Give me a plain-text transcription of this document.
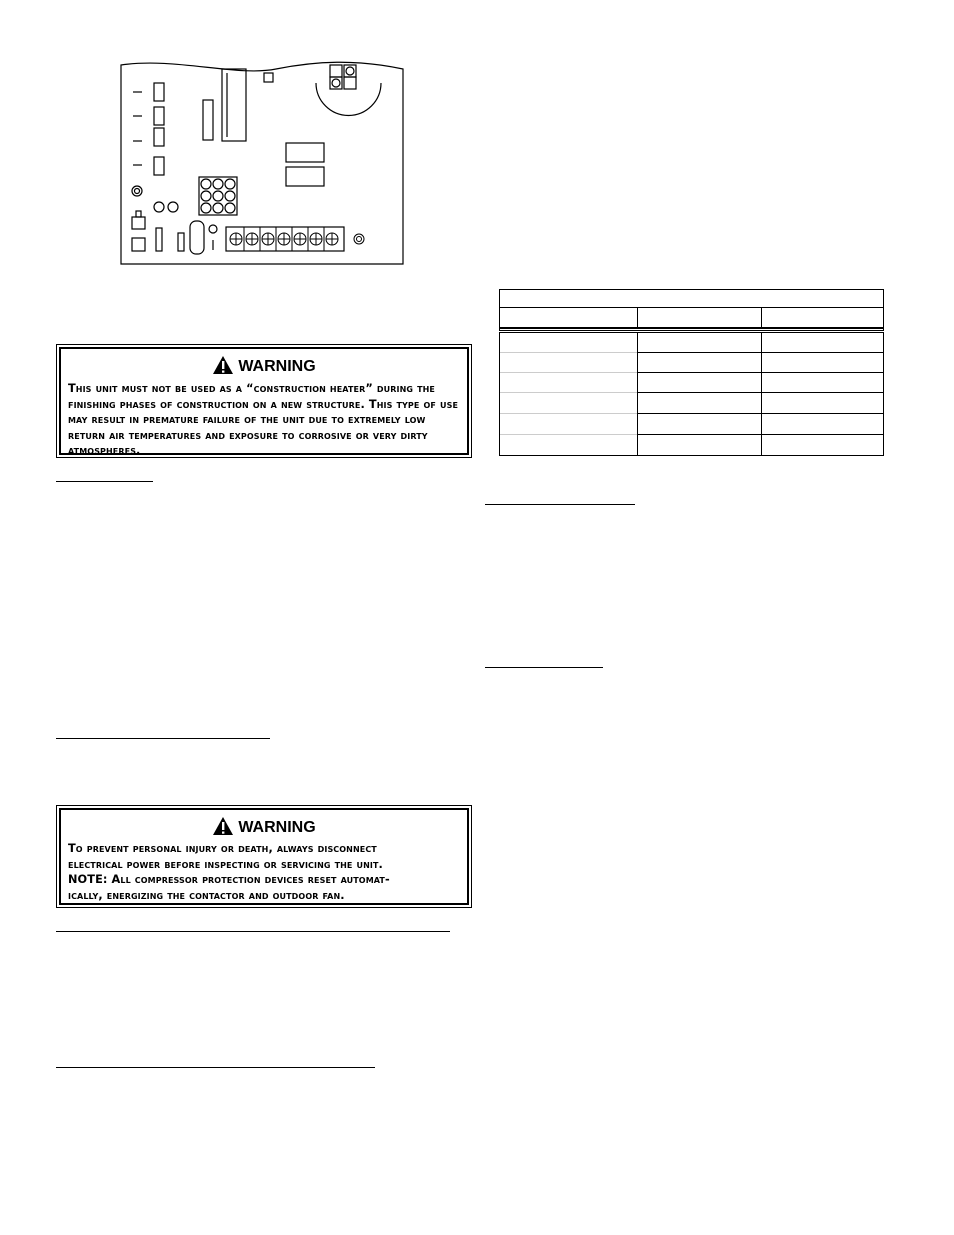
WARNING
This unit must not be used as a “construction heater” during the finishing phases of construction on a new structure. This type of use may result in premature failure of the unit due to extremely low return air temperatures and exposure to corrosive or very dirty atmospheres.
WARNING
To prevent personal injury or death, always disconnect
electrical power before inspecting or servicing the unit.
NOTE: All compressor protection devices reset automat-
ically, energizing the contactor and outdoor fan.
